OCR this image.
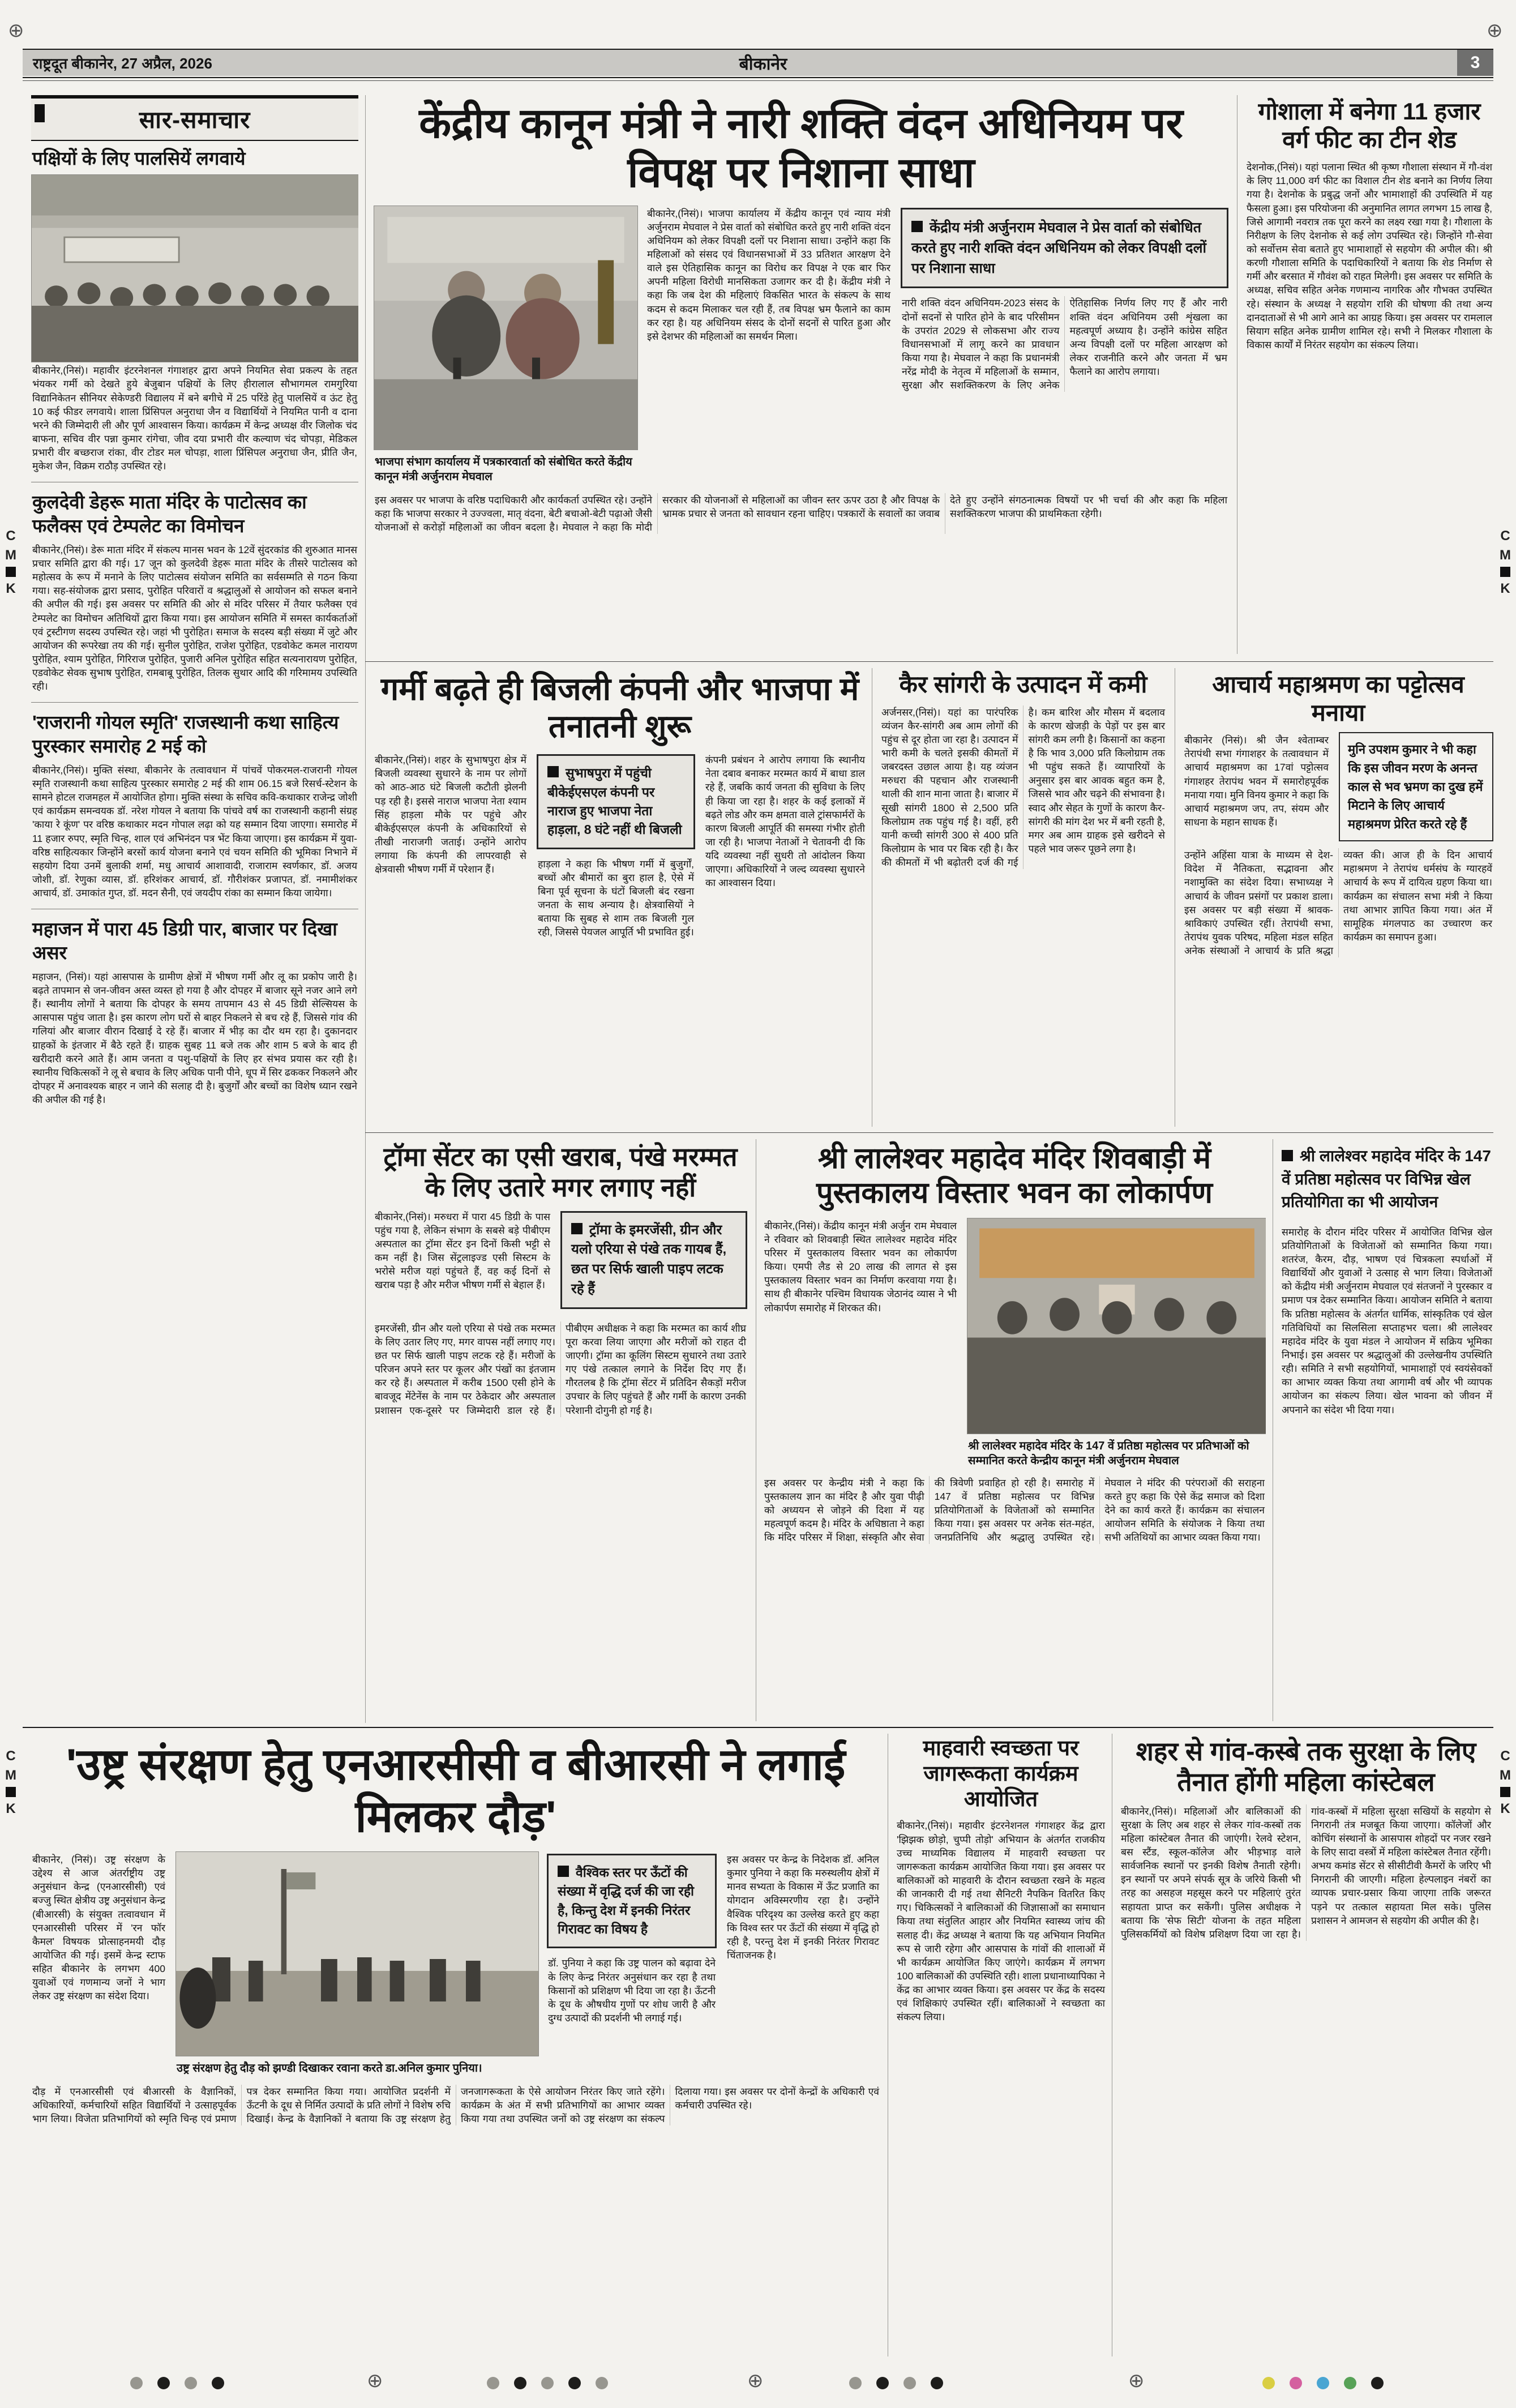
⊕
⊕
⊕
⊕
⊕
राष्ट्रदूत बीकानेर, 27 अप्रैल, 2026	बीकानेर	3
सार-समाचार
पक्षियों के लिए पालसियें लगवाये

बीकानेर,(निसं)। महावीर इंटरनेशनल गंगाशहर द्वारा अपने नियमित सेवा प्रकल्प के तहत भंयकर गर्मी को देखते हुये बेजुबान पक्षियों के लिए हीरालाल सौभागमल रामगुरिया विद्यानिकेतन सीनियर सेकेण्डरी विद्यालय में बने बगीचे में 25 परिंडे हेतु पालसियें व ऊंट हेतु 10 कई फीडर लगवाये। शाला प्रिंसिपल अनुराधा जैन व विद्यार्थियों ने नियमित पानी व दाना भरने की जिम्मेदारी ली और पूर्ण आश्वासन किया। कार्यक्रम में केन्द्र अध्यक्ष वीर जिलोक चंद बाफना, सचिव वीर पन्ना कुमार रांगेचा, जीव दया प्रभारी वीर कल्याण चंद चोपड़ा, मेडिकल प्रभारी वीर बच्छराज रांका, वीर टोडर मल चोपड़ा, शाला प्रिंसिपल अनुराधा जैन, प्रीति जैन, मुकेश जैन, विक्रम राठौड़ उपस्थित रहे।

कुलदेवी डेहरू माता मंदिर के पाटोत्सव का फलैक्स एवं टेम्पलेट का विमोचन

बीकानेर,(निसं)। डेरू माता मंदिर में संकल्प मानस भवन के 12वें सुंदरकांड की शुरुआत मानस प्रचार समिति द्वारा की गई। 17 जून को कुलदेवी डेहरू माता मंदिर के तीसरे पाटोत्सव को महोत्सव के रूप में मनाने के लिए पाटोत्सव संयोजन समिति का सर्वसम्मति से गठन किया गया। सह-संयोजक द्वारा प्रसाद, पुरोहित परिवारों व श्रद्धालुओं से आयोजन को सफल बनाने की अपील की गई। इस अवसर पर समिति की ओर से मंदिर परिसर में तैयार फलैक्स एवं टेम्पलेट का विमोचन अतिथियों द्वारा किया गया। इस आयोजन समिति में समस्त कार्यकर्ताओं एवं ट्रस्टीगण सदस्य उपस्थित रहे। जहां भी पुरोहित। समाज के सदस्य बड़ी संख्या में जुटे और आयोजन की रूपरेखा तय की गई। सुनील पुरोहित, राजेश पुरोहित, एडवोकेट कमल नारायण पुरोहित, श्याम पुरोहित, गिरिराज पुरोहित, पुजारी अनिल पुरोहित सहित सत्यनारायण पुरोहित, एडवोकेट सेवक सुभाष पुरोहित, रामबाबू पुरोहित, तिलक सुथार आदि की गरिमामय उपस्थिति रही।

'राजरानी गोयल स्मृति' राजस्थानी कथा साहित्य पुरस्कार समारोह 2 मई को

बीकानेर,(निसं)। मुक्ति संस्था, बीकानेर के तत्वावधान में पांचवें पोकरमल-राजरानी गोयल स्मृति राजस्थानी कथा साहित्य पुरस्कार समारोह 2 मई की शाम 06.15 बजे रिसर्च-स्टेशन के सामने होटल राजमहल में आयोजित होगा। मुक्ति संस्था के सचिव कवि-कथाकार राजेन्द्र जोशी एवं कार्यक्रम समन्वयक डॉ. नरेश गोयल ने बताया कि पांचवे वर्ष का राजस्थानी कहानी संग्रह 'काया रे कूंण' पर वरिष्ठ कथाकार मदन गोपाल लढ़ा को यह सम्मान दिया जाएगा। समारोह में 11 हजार रुपए, स्मृति चिन्ह, शाल एवं अभिनंदन पत्र भेंट किया जाएगा। इस कार्यक्रम में युवा-वरिष्ठ साहित्यकार जिन्होंने बरसों कार्य योजना बनाने एवं चयन समिति की भूमिका निभाने में सहयोग दिया उनमें बुलाकी शर्मा, मधु आचार्य आशावादी, राजाराम स्वर्णकार, डॉ. अजय जोशी, डॉ. रेणुका व्यास, डॉ. हरिशंकर आचार्य, डॉ. गौरीशंकर प्रजापत, डॉ. नमामीशंकर आचार्य, डॉ. उमाकांत गुप्त, डॉ. मदन सैनी, एवं जयदीप रांका का सम्मान किया जायेगा।

महाजन में पारा 45 डिग्री पार, बाजार पर दिखा असर

महाजन, (निसं)। यहां आसपास के ग्रामीण क्षेत्रों में भीषण गर्मी और लू का प्रकोप जारी है। बढ़ते तापमान से जन-जीवन अस्त व्यस्त हो गया है और दोपहर में बाजार सूने नजर आने लगे हैं। स्थानीय लोगों ने बताया कि दोपहर के समय तापमान 43 से 45 डिग्री सेल्सियस के आसपास पहुंच जाता है। इस कारण लोग घरों से बाहर निकलने से बच रहे हैं, जिससे गांव की गलियां और बाजार वीरान दिखाई दे रहे हैं। बाजार में भीड़ का दौर थम रहा है। दुकानदार ग्राहकों के इंतजार में बैठे रहते हैं। ग्राहक सुबह 11 बजे तक और शाम 5 बजे के बाद ही खरीदारी करने आते हैं। आम जनता व पशु-पक्षियों के लिए हर संभव प्रयास कर रही है। स्थानीय चिकित्सकों ने लू से बचाव के लिए अधिक पानी पीने, धूप में सिर ढककर निकलने और दोपहर में अनावश्यक बाहर न जाने की सलाह दी है। बुजुर्गों और बच्चों का विशेष ध्यान रखने की अपील की गई है।

केंद्रीय कानून मंत्री ने नारी शक्ति वंदन अधिनियम पर विपक्ष पर निशाना साधा
भाजपा संभाग कार्यालय में पत्रकारवार्ता को संबोधित करते केंद्रीय कानून मंत्री अर्जुनराम मेघवाल

बीकानेर,(निसं)। भाजपा कार्यालय में केंद्रीय कानून एवं न्याय मंत्री अर्जुनराम मेघवाल ने प्रेस वार्ता को संबोधित करते हुए नारी शक्ति वंदन अधिनियम को लेकर विपक्षी दलों पर निशाना साधा। उन्होंने कहा कि महिलाओं को संसद एवं विधानसभाओं में 33 प्रतिशत आरक्षण देने वाले इस ऐतिहासिक कानून का विरोध कर विपक्ष ने एक बार फिर अपनी महिला विरोधी मानसिकता उजागर कर दी है। केंद्रीय मंत्री ने कहा कि जब देश की महिलाएं विकसित भारत के संकल्प के साथ कदम से कदम मिलाकर चल रही हैं, तब विपक्ष भ्रम फैलाने का काम कर रहा है। यह अधिनियम संसद के दोनों सदनों से पारित हुआ और इसे देशभर की महिलाओं का समर्थन मिला।

केंद्रीय मंत्री अर्जुनराम मेघवाल ने प्रेस वार्ता को संबोधित करते हुए नारी शक्ति वंदन अधिनियम को लेकर विपक्षी दलों पर निशाना साधा

नारी शक्ति वंदन अधिनियम-2023 संसद के दोनों सदनों से पारित होने के बाद परिसीमन के उपरांत 2029 से लोकसभा और राज्य विधानसभाओं में लागू करने का प्रावधान किया गया है। मेघवाल ने कहा कि प्रधानमंत्री नरेंद्र मोदी के नेतृत्व में महिलाओं के सम्मान, सुरक्षा और सशक्तिकरण के लिए अनेक ऐतिहासिक निर्णय लिए गए हैं और नारी शक्ति वंदन अधिनियम उसी शृंखला का महत्वपूर्ण अध्याय है। उन्होंने कांग्रेस सहित अन्य विपक्षी दलों पर महिला आरक्षण को लेकर राजनीति करने और जनता में भ्रम फैलाने का आरोप लगाया।

इस अवसर पर भाजपा के वरिष्ठ पदाधिकारी और कार्यकर्ता उपस्थित रहे। उन्होंने कहा कि भाजपा सरकार ने उज्ज्वला, मातृ वंदना, बेटी बचाओ-बेटी पढ़ाओ जैसी योजनाओं से करोड़ों महिलाओं का जीवन बदला है। मेघवाल ने कहा कि मोदी सरकार की योजनाओं से महिलाओं का जीवन स्तर ऊपर उठा है और विपक्ष के भ्रामक प्रचार से जनता को सावधान रहना चाहिए। पत्रकारों के सवालों का जवाब देते हुए उन्होंने संगठनात्मक विषयों पर भी चर्चा की और कहा कि महिला सशक्तिकरण भाजपा की प्राथमिकता रहेगी।

गोशाला में बनेगा 11 हजार वर्ग फीट का टीन शेड

देशनोक,(निसं)। यहां पलाना स्थित श्री कृष्ण गौशाला संस्थान में गौ-वंश के लिए 11,000 वर्ग फीट का विशाल टीन शेड बनाने का निर्णय लिया गया है। देशनोक के प्रबुद्ध जनों और भामाशाहों की उपस्थिति में यह फैसला हुआ। इस परियोजना की अनुमानित लागत लगभग 15 लाख है, जिसे आगामी नवरात्र तक पूरा करने का लक्ष्य रखा गया है। गौशाला के निरीक्षण के लिए देशनोक से कई लोग उपस्थित रहे। जिन्होंने गौ-सेवा को सर्वोत्तम सेवा बताते हुए भामाशाहों से सहयोग की अपील की। श्री करणी गौशाला समिति के पदाधिकारियों ने बताया कि शेड निर्माण से गर्मी और बरसात में गौवंश को राहत मिलेगी। इस अवसर पर समिति के अध्यक्ष, सचिव सहित अनेक गणमान्य नागरिक और गौभक्त उपस्थित रहे। संस्थान के अध्यक्ष ने सहयोग राशि की घोषणा की तथा अन्य दानदाताओं से भी आगे आने का आग्रह किया। इस अवसर पर रामलाल सियाग सहित अनेक ग्रामीण शामिल रहे। सभी ने मिलकर गौशाला के विकास कार्यों में निरंतर सहयोग का संकल्प लिया।

गर्मी बढ़ते ही बिजली कंपनी और भाजपा में तनातनी शुरू

बीकानेर,(निसं)। शहर के सुभाषपुरा क्षेत्र में बिजली व्यवस्था सुधारने के नाम पर लोगों को आठ-आठ घंटे बिजली कटौती झेलनी पड़ रही है। इससे नाराज भाजपा नेता श्याम सिंह हाड़ला मौके पर पहुंचे और बीकेईएसएल कंपनी के अधिकारियों से तीखी नाराजगी जताई। उन्होंने आरोप लगाया कि कंपनी की लापरवाही से क्षेत्रवासी भीषण गर्मी में परेशान हैं।

सुभाषपुरा में पहुंची बीकेईएसएल कंपनी पर नाराज हुए भाजपा नेता हाड़ला, 8 घंटे नहीं थी बिजली

हाड़ला ने कहा कि भीषण गर्मी में बुजुर्गों, बच्चों और बीमारों का बुरा हाल है, ऐसे में बिना पूर्व सूचना के घंटों बिजली बंद रखना जनता के साथ अन्याय है। क्षेत्रवासियों ने बताया कि सुबह से शाम तक बिजली गुल रही, जिससे पेयजल आपूर्ति भी प्रभावित हुई।

कंपनी प्रबंधन ने आरोप लगाया कि स्थानीय नेता दबाव बनाकर मरम्मत कार्य में बाधा डाल रहे हैं, जबकि कार्य जनता की सुविधा के लिए ही किया जा रहा है। शहर के कई इलाकों में बढ़ते लोड और कम क्षमता वाले ट्रांसफार्मरों के कारण बिजली आपूर्ति की समस्या गंभीर होती जा रही है। भाजपा नेताओं ने चेतावनी दी कि यदि व्यवस्था नहीं सुधरी तो आंदोलन किया जाएगा। अधिकारियों ने जल्द व्यवस्था सुधारने का आश्वासन दिया।

कैर सांगरी के उत्पादन में कमी

अर्जनसर,(निसं)। यहां का पारंपरिक व्यंजन कैर-सांगरी अब आम लोगों की पहुंच से दूर होता जा रहा है। उत्पादन में भारी कमी के चलते इसकी कीमतों में जबरदस्त उछाल आया है। यह व्यंजन मरुधरा की पहचान और राजस्थानी थाली की शान माना जाता है। बाजार में सूखी सांगरी 1800 से 2,500 प्रति किलोग्राम तक पहुंच गई है। वहीं, हरी यानी कच्ची सांगरी 300 से 400 प्रति किलोग्राम के भाव पर बिक रही है। कैर की कीमतों में भी बढ़ोतरी दर्ज की गई है। कम बारिश और मौसम में बदलाव के कारण खेजड़ी के पेड़ों पर इस बार सांगरी कम लगी है। किसानों का कहना है कि भाव 3,000 प्रति किलोग्राम तक भी पहुंच सकते हैं। व्यापारियों के अनुसार इस बार आवक बहुत कम है, जिससे भाव और चढ़ने की संभावना है। स्वाद और सेहत के गुणों के कारण कैर-सांगरी की मांग देश भर में बनी रहती है, मगर अब आम ग्राहक इसे खरीदने से पहले भाव जरूर पूछने लगा है।

आचार्य महाश्रमण का पट्टोत्सव मनाया

बीकानेर (निसं)। श्री जैन श्वेताम्बर तेरापंथी सभा गंगाशहर के तत्वावधान में आचार्य महाश्रमण का 17वां पट्टोत्सव गंगाशहर तेरापंथ भवन में समारोहपूर्वक मनाया गया। मुनि विनय कुमार ने कहा कि आचार्य महाश्रमण जप, तप, संयम और साधना के महान साधक हैं।

मुनि उपशम कुमार ने भी कहा कि इस जीवन मरण के अनन्त काल से भव भ्रमण का दुख हमें मिटाने के लिए आचार्य महाश्रमण प्रेरित करते रहे हैं

उन्होंने अहिंसा यात्रा के माध्यम से देश-विदेश में नैतिकता, सद्भावना और नशामुक्ति का संदेश दिया। सभाध्यक्ष ने आचार्य के जीवन प्रसंगों पर प्रकाश डाला। इस अवसर पर बड़ी संख्या में श्रावक-श्राविकाएं उपस्थित रहीं। तेरापंथी सभा, तेरापंथ युवक परिषद, महिला मंडल सहित अनेक संस्थाओं ने आचार्य के प्रति श्रद्धा व्यक्त की। आज ही के दिन आचार्य महाश्रमण ने तेरापंथ धर्मसंघ के ग्यारहवें आचार्य के रूप में दायित्व ग्रहण किया था। कार्यक्रम का संचालन सभा मंत्री ने किया तथा आभार ज्ञापित किया गया। अंत में सामूहिक मंगलपाठ का उच्चारण कर कार्यक्रम का समापन हुआ।

ट्रॉमा सेंटर का एसी खराब, पंखे मरम्मत के लिए उतारे मगर लगाए नहीं

बीकानेर,(निसं)। मरुधरा में पारा 45 डिग्री के पास पहुंच गया है, लेकिन संभाग के सबसे बड़े पीबीएम अस्पताल का ट्रॉमा सेंटर इन दिनों किसी भट्टी से कम नहीं है। जिस सेंट्रलाइज्ड एसी सिस्टम के भरोसे मरीज यहां पहुंचते हैं, वह कई दिनों से खराब पड़ा है और मरीज भीषण गर्मी से बेहाल हैं।

ट्रॉमा के इमरजेंसी, ग्रीन और यलो एरिया से पंखे तक गायब हैं, छत पर सिर्फ खाली पाइप लटक रहे हैं

इमरजेंसी, ग्रीन और यलो एरिया से पंखे तक मरम्मत के लिए उतार लिए गए, मगर वापस नहीं लगाए गए। छत पर सिर्फ खाली पाइप लटक रहे हैं। मरीजों के परिजन अपने स्तर पर कूलर और पंखों का इंतजाम कर रहे हैं। अस्पताल में करीब 1500 एसी होने के बावजूद मेंटेनेंस के नाम पर ठेकेदार और अस्पताल प्रशासन एक-दूसरे पर जिम्मेदारी डाल रहे हैं। पीबीएम अधीक्षक ने कहा कि मरम्मत का कार्य शीघ्र पूरा करवा लिया जाएगा और मरीजों को राहत दी जाएगी। ट्रॉमा का कूलिंग सिस्टम सुधारने तथा उतारे गए पंखे तत्काल लगाने के निर्देश दिए गए हैं। गौरतलब है कि ट्रॉमा सेंटर में प्रतिदिन सैकड़ों मरीज उपचार के लिए पहुंचते हैं और गर्मी के कारण उनकी परेशानी दोगुनी हो गई है।

श्री लालेश्वर महादेव मंदिर शिवबाड़ी में पुस्तकालय विस्तार भवन का लोकार्पण

बीकानेर,(निसं)। केंद्रीय कानून मंत्री अर्जुन राम मेघवाल ने रविवार को शिवबाड़ी स्थित लालेश्वर महादेव मंदिर परिसर में पुस्तकालय विस्तार भवन का लोकार्पण किया। एमपी लैड से 20 लाख की लागत से इस पुस्तकालय विस्तार भवन का निर्माण करवाया गया है। साथ ही बीकानेर पश्चिम विधायक जेठानंद व्यास ने भी लोकार्पण समारोह में शिरकत की।

श्री लालेश्वर महादेव मंदिर के 147 वें प्रतिष्ठा महोत्सव पर प्रतिभाओं को सम्मानित करते केन्द्रीय कानून मंत्री अर्जुनराम मेघवाल

इस अवसर पर केन्द्रीय मंत्री ने कहा कि पुस्तकालय ज्ञान का मंदिर है और युवा पीढ़ी को अध्ययन से जोड़ने की दिशा में यह महत्वपूर्ण कदम है। मंदिर के अधिष्ठाता ने कहा कि मंदिर परिसर में शिक्षा, संस्कृति और सेवा की त्रिवेणी प्रवाहित हो रही है। समारोह में 147 वें प्रतिष्ठा महोत्सव पर विभिन्न प्रतियोगिताओं के विजेताओं को सम्मानित किया गया। इस अवसर पर अनेक संत-महंत, जनप्रतिनिधि और श्रद्धालु उपस्थित रहे। मेघवाल ने मंदिर की परंपराओं की सराहना करते हुए कहा कि ऐसे केंद्र समाज को दिशा देने का कार्य करते हैं। कार्यक्रम का संचालन आयोजन समिति के संयोजक ने किया तथा सभी अतिथियों का आभार व्यक्त किया गया।

श्री लालेश्वर महादेव मंदिर के 147 वें प्रतिष्ठा महोत्सव पर विभिन्न खेल प्रतियोगिता का भी आयोजन

समारोह के दौरान मंदिर परिसर में आयोजित विभिन्न खेल प्रतियोगिताओं के विजेताओं को सम्मानित किया गया। शतरंज, कैरम, दौड़, भाषण एवं चित्रकला स्पर्धाओं में विद्यार्थियों और युवाओं ने उत्साह से भाग लिया। विजेताओं को केंद्रीय मंत्री अर्जुनराम मेघवाल एवं संतजनों ने पुरस्कार व प्रमाण पत्र देकर सम्मानित किया। आयोजन समिति ने बताया कि प्रतिष्ठा महोत्सव के अंतर्गत धार्मिक, सांस्कृतिक एवं खेल गतिविधियों का सिलसिला सप्ताहभर चला। श्री लालेश्वर महादेव मंदिर के युवा मंडल ने आयोजन में सक्रिय भूमिका निभाई। इस अवसर पर श्रद्धालुओं की उल्लेखनीय उपस्थिति रही। समिति ने सभी सहयोगियों, भामाशाहों एवं स्वयंसेवकों का आभार व्यक्त किया तथा आगामी वर्ष और भी व्यापक आयोजन का संकल्प लिया। खेल भावना को जीवन में अपनाने का संदेश भी दिया गया।

'उष्ट्र संरक्षण हेतु एनआरसीसी व बीआरसी ने लगाई मिलकर दौड़'

बीकानेर, (निसं)। उष्ट्र संरक्षण के उद्देश्य से आज अंतर्राष्ट्रीय उष्ट्र अनुसंधान केन्द्र (एनआरसीसी) एवं बज्जु स्थित क्षेत्रीय उष्ट्र अनुसंधान केन्द्र (बीआरसी) के संयुक्त तत्वावधान में एनआरसीसी परिसर में 'रन फॉर कैमल' विषयक प्रोत्साहनमयी दौड़ आयोजित की गई। इसमें केन्द्र स्टाफ सहित बीकानेर के लगभग 400 युवाओं एवं गणमान्य जनों ने भाग लेकर उष्ट्र संरक्षण का संदेश दिया।

उष्ट्र संरक्षण हेतु दौड़ को झण्डी दिखाकर रवाना करते डा.अनिल कुमार पुनिया।
वैश्विक स्तर पर ऊँटों की संख्या में वृद्धि दर्ज की जा रही है, किन्तु देश में इनकी निरंतर गिरावट का विषय है

डॉ. पुनिया ने कहा कि उष्ट्र पालन को बढ़ावा देने के लिए केन्द्र निरंतर अनुसंधान कर रहा है तथा किसानों को प्रशिक्षण भी दिया जा रहा है। ऊँटनी के दूध के औषधीय गुणों पर शोध जारी है और दुग्ध उत्पादों की प्रदर्शनी भी लगाई गई।

इस अवसर पर केन्द्र के निदेशक डॉ. अनिल कुमार पुनिया ने कहा कि मरुस्थलीय क्षेत्रों में मानव सभ्यता के विकास में ऊँट प्रजाति का योगदान अविस्मरणीय रहा है। उन्होंने वैश्विक परिदृश्य का उल्लेख करते हुए कहा कि विश्व स्तर पर ऊँटों की संख्या में वृद्धि हो रही है, परन्तु देश में इनकी निरंतर गिरावट चिंताजनक है।

दौड़ में एनआरसीसी एवं बीआरसी के वैज्ञानिकों, अधिकारियों, कर्मचारियों सहित विद्यार्थियों ने उत्साहपूर्वक भाग लिया। विजेता प्रतिभागियों को स्मृति चिन्ह एवं प्रमाण पत्र देकर सम्मानित किया गया। आयोजित प्रदर्शनी में ऊँटनी के दूध से निर्मित उत्पादों के प्रति लोगों ने विशेष रुचि दिखाई। केन्द्र के वैज्ञानिकों ने बताया कि उष्ट्र संरक्षण हेतु जनजागरूकता के ऐसे आयोजन निरंतर किए जाते रहेंगे। कार्यक्रम के अंत में सभी प्रतिभागियों का आभार व्यक्त किया गया तथा उपस्थित जनों को उष्ट्र संरक्षण का संकल्प दिलाया गया। इस अवसर पर दोनों केन्द्रों के अधिकारी एवं कर्मचारी उपस्थित रहे।

माहवारी स्वच्छता पर जागरूकता कार्यक्रम आयोजित

बीकानेर,(निसं)। महावीर इंटरनेशनल गंगाशहर केंद्र द्वारा 'झिझक छोड़ो, चुप्पी तोड़ो' अभियान के अंतर्गत राजकीय उच्च माध्यमिक विद्यालय में माहवारी स्वच्छता पर जागरूकता कार्यक्रम आयोजित किया गया। इस अवसर पर बालिकाओं को माहवारी के दौरान स्वच्छता रखने के महत्व की जानकारी दी गई तथा सैनिटरी नैपकिन वितरित किए गए। चिकित्सकों ने बालिकाओं की जिज्ञासाओं का समाधान किया तथा संतुलित आहार और नियमित स्वास्थ्य जांच की सलाह दी। केंद्र अध्यक्ष ने बताया कि यह अभियान नियमित रूप से जारी रहेगा और आसपास के गांवों की शालाओं में भी कार्यक्रम आयोजित किए जाएंगे। कार्यक्रम में लगभग 100 बालिकाओं की उपस्थिति रही। शाला प्रधानाध्यापिका ने केंद्र का आभार व्यक्त किया। इस अवसर पर केंद्र के सदस्य एवं शिक्षिकाएं उपस्थित रहीं। बालिकाओं ने स्वच्छता का संकल्प लिया।

शहर से गांव-कस्बे तक सुरक्षा के लिए तैनात होंगी महिला कांस्टेबल

बीकानेर,(निसं)। महिलाओं और बालिकाओं की सुरक्षा के लिए अब शहर से लेकर गांव-कस्बों तक महिला कांस्टेबल तैनात की जाएंगी। रेलवे स्टेशन, बस स्टैंड, स्कूल-कॉलेज और भीड़भाड़ वाले सार्वजनिक स्थानों पर इनकी विशेष तैनाती रहेगी। इन स्थानों पर अपने संपर्क सूत्र के जरिये किसी भी तरह का असहज महसूस करने पर महिलाएं तुरंत सहायता प्राप्त कर सकेंगी। पुलिस अधीक्षक ने बताया कि 'सेफ सिटी' योजना के तहत महिला पुलिसकर्मियों को विशेष प्रशिक्षण दिया जा रहा है। गांव-कस्बों में महिला सुरक्षा सखियों के सहयोग से निगरानी तंत्र मजबूत किया जाएगा। कॉलेजों और कोचिंग संस्थानों के आसपास शोहदों पर नजर रखने के लिए सादा वस्त्रों में महिला कांस्टेबल तैनात रहेंगी। अभय कमांड सेंटर से सीसीटीवी कैमरों के जरिए भी निगरानी की जाएगी। महिला हेल्पलाइन नंबरों का व्यापक प्रचार-प्रसार किया जाएगा ताकि जरूरत पड़ने पर तत्काल सहायता मिल सके। पुलिस प्रशासन ने आमजन से सहयोग की अपील की है।

C
M
K
C
M
K
C
M
K
C
M
K
